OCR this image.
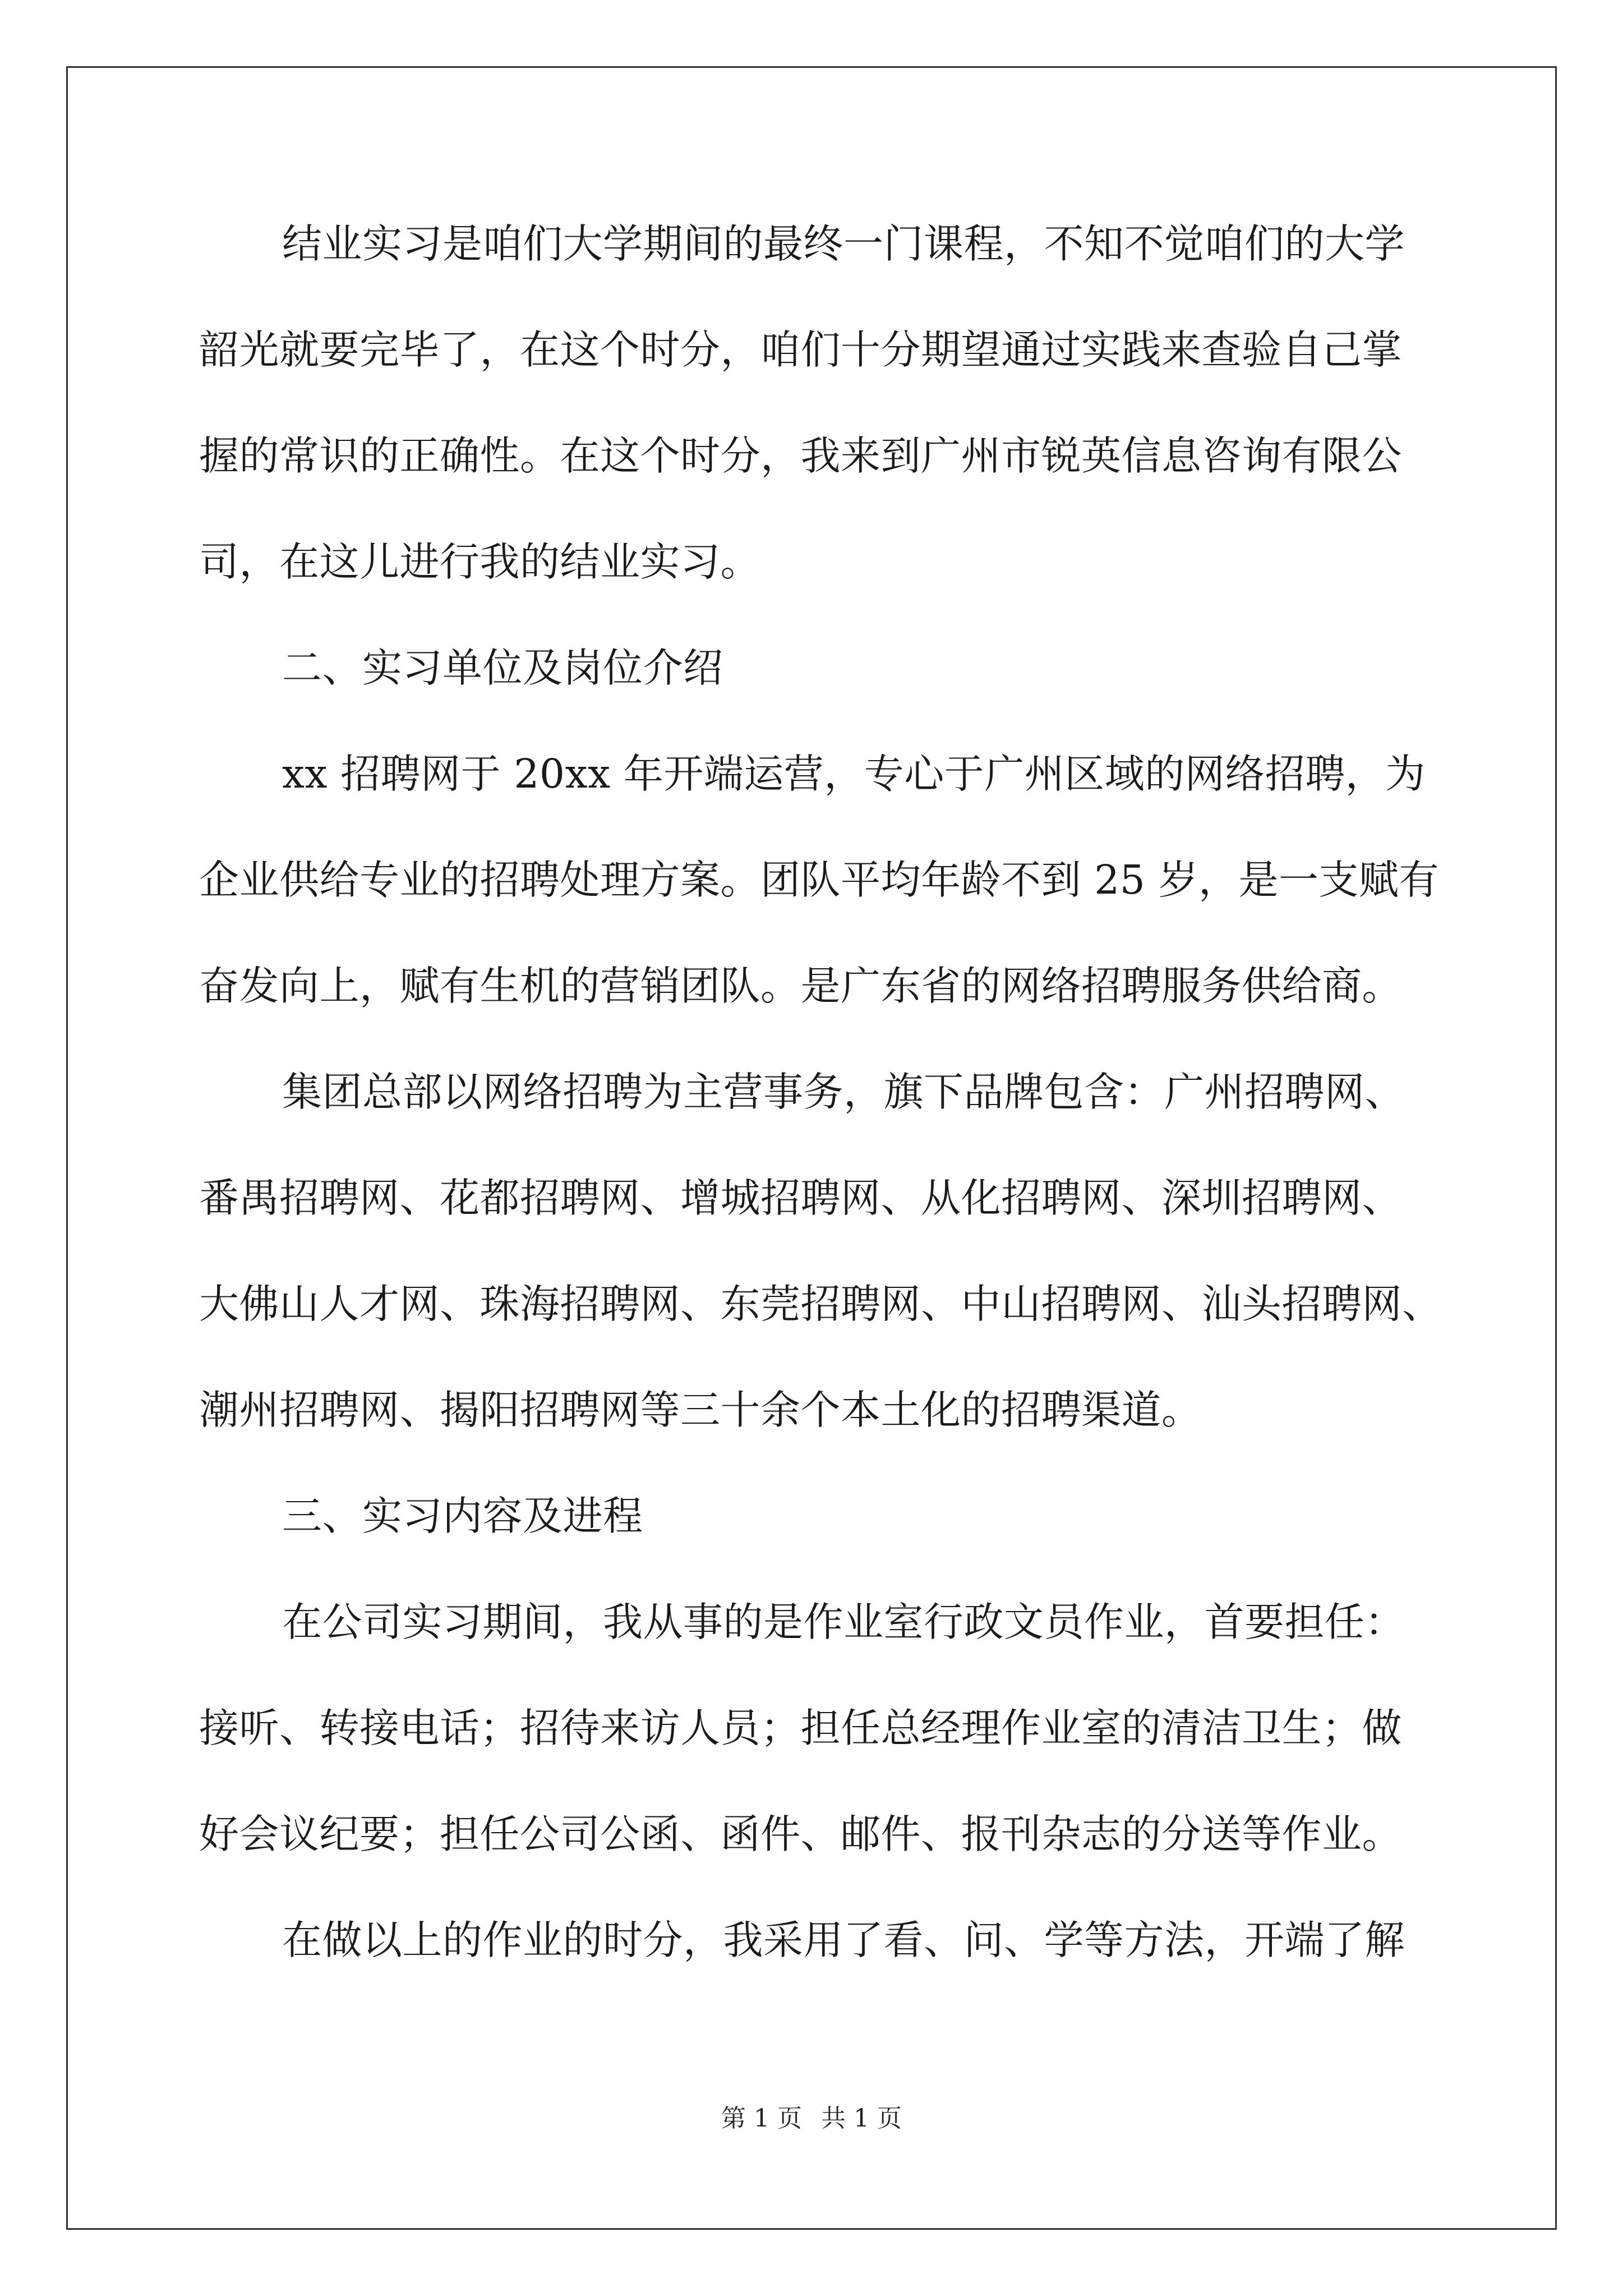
结业实习是咱们大学期间的最终一门课程，不知不觉咱们的大学
韶光就要完毕了，在这个时分，咱们十分期望通过实践来查验自己掌
握的常识的正确性。在这个时分，我来到广州市锐英信息咨询有限公
司，在这儿进行我的结业实习。
二、实习单位及岗位介绍
xx 招聘网于 20xx 年开端运营，专心于广州区域的网络招聘，为
企业供给专业的招聘处理方案。团队平均年龄不到 25 岁，是一支赋有
奋发向上，赋有生机的营销团队。是广东省的网络招聘服务供给商。
集团总部以网络招聘为主营事务，旗下品牌包含：广州招聘网、
番禺招聘网、花都招聘网、增城招聘网、从化招聘网、深圳招聘网、
大佛山人才网、珠海招聘网、东莞招聘网、中山招聘网、汕头招聘网、
潮州招聘网、揭阳招聘网等三十余个本土化的招聘渠道。
三、实习内容及进程
在公司实习期间，我从事的是作业室行政文员作业，首要担任：
接听、转接电话；招待来访人员；担任总经理作业室的清洁卫生；做
好会议纪要；担任公司公函、函件、邮件、报刊杂志的分送等作业。
在做以上的作业的时分，我采用了看、问、学等方法，开端了解
第 1 页 共 1 页
